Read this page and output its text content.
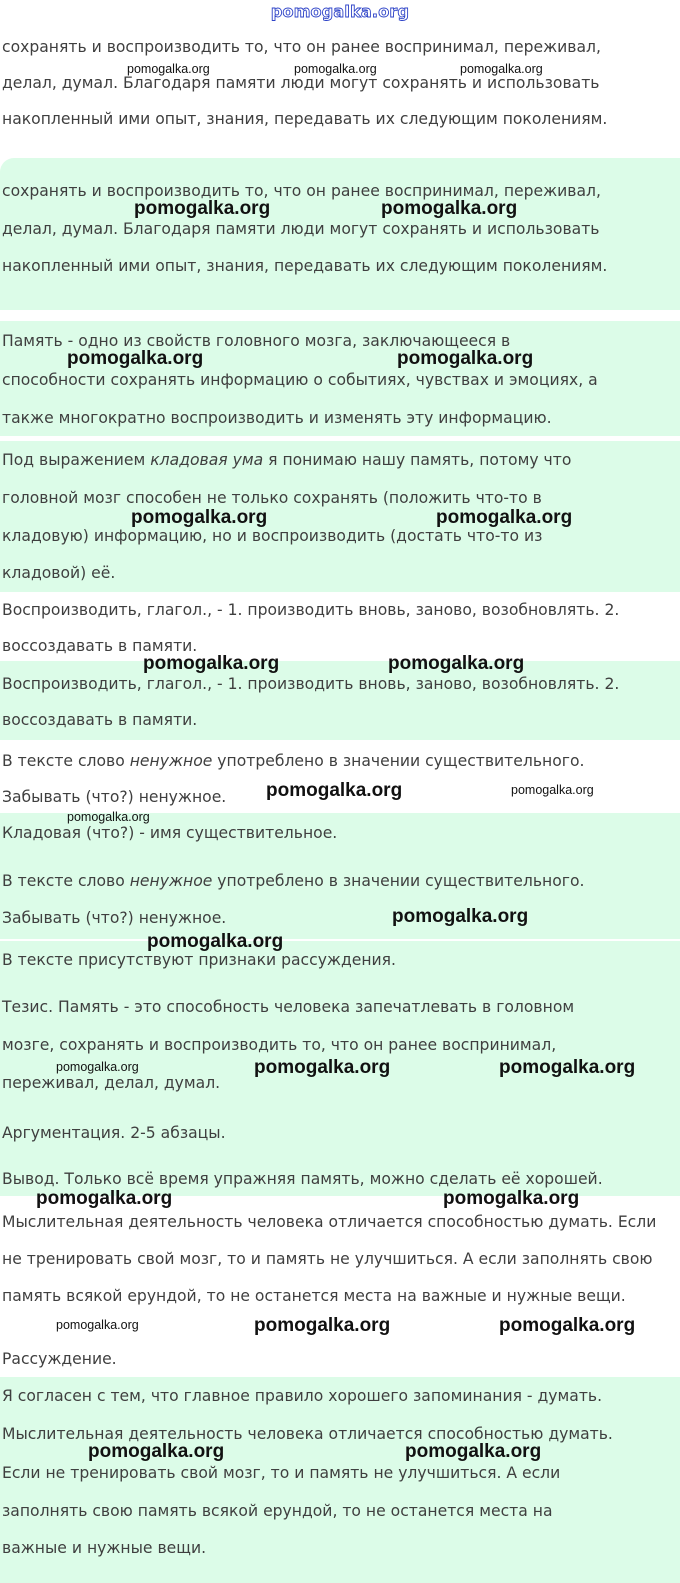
pomogalka.org
сохранять и воспроизводить то, что он ранее воспринимал, переживал,
делал, думал. Благодаря памяти люди могут сохранять и использовать
накопленный ими опыт, знания, передавать их следующим поколениям.
сохранять и воспроизводить то, что он ранее воспринимал, переживал,
делал, думал. Благодаря памяти люди могут сохранять и использовать
накопленный ими опыт, знания, передавать их следующим поколениям.
Память - одно из свойств головного мозга, заключающееся в
способности сохранять информацию о событиях, чувствах и эмоциях, а
также многократно воспроизводить и изменять эту информацию.
Под выражением кладовая ума я понимаю нашу память, потому что
головной мозг способен не только сохранять (положить что-то в
кладовую) информацию, но и воспроизводить (достать что-то из
кладовой) её.
Воспроизводить, глагол., - 1. производить вновь, заново, возобновлять. 2.
воссоздавать в памяти.
Воспроизводить, глагол., - 1. производить вновь, заново, возобновлять. 2.
воссоздавать в памяти.
В тексте слово ненужное употреблено в значении существительного.
Забывать (что?) ненужное.
Кладовая (что?) - имя существительное.
В тексте слово ненужное употреблено в значении существительного.
Забывать (что?) ненужное.
В тексте присутствуют признаки рассуждения.
Тезис. Память - это способность человека запечатлевать в головном
мозге, сохранять и воспроизводить то, что он ранее воспринимал,
переживал, делал, думал.
Аргументация. 2-5 абзацы.
Вывод. Только всё время упражняя память, можно сделать её хорошей.
Мыслительная деятельность человека отличается способностью думать. Если
не тренировать свой мозг, то и память не улучшиться. А если заполнять свою
память всякой ерундой, то не останется места на важные и нужные вещи.
Рассуждение.
Я согласен с тем, что главное правило хорошего запоминания - думать.
Мыслительная деятельность человека отличается способностью думать.
Если не тренировать свой мозг, то и память не улучшиться. А если
заполнять свою память всякой ерундой, то не останется места на
важные и нужные вещи.
pomogalka.org	pomogalka.org	pomogalka.org
pomogalka.org	pomogalka.org
pomogalka.org	pomogalka.org
pomogalka.org	pomogalka.org
pomogalka.org	pomogalka.org
pomogalka.org	pomogalka.org
pomogalka.org
pomogalka.org
pomogalka.org
pomogalka.org	pomogalka.org	pomogalka.org
pomogalka.org	pomogalka.org
pomogalka.org	pomogalka.org	pomogalka.org
pomogalka.org	pomogalka.org
